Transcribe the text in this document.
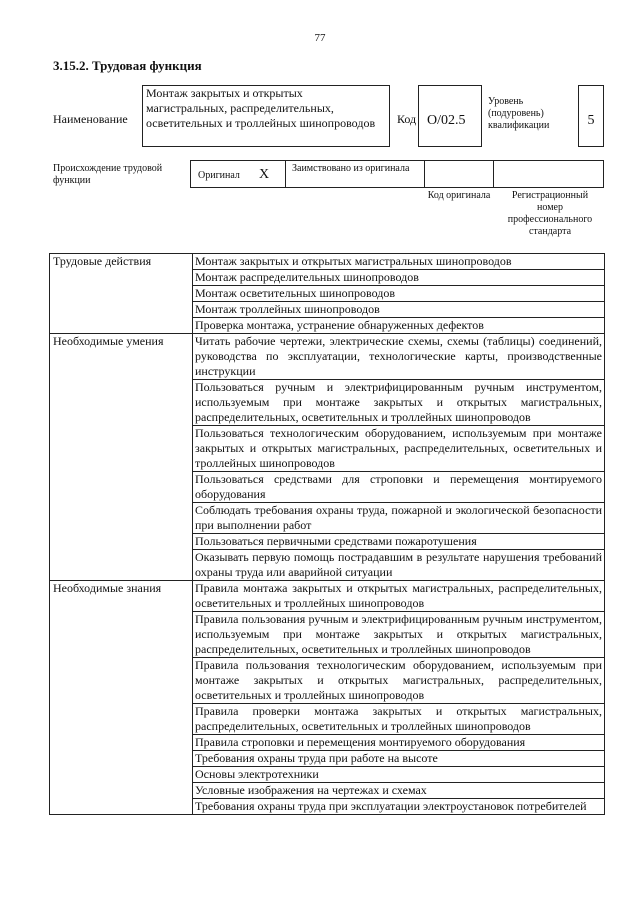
77
3.15.2. Трудовая функция
Наименование
Монтаж закрытых и открытых магистральных, распределительных, осветительных и троллейных шинопроводов	Код О/02.5
Уровень (подуровень) квалификации	5
Происхождение трудовой функции	Оригинал X	Заимствовано из оригинала
Код оригинала	Регистрационный номер профессионального стандарта
Трудовые действия	Монтаж закрытых и открытых магистральных шинопроводов
	Монтаж распределительных шинопроводов
	Монтаж осветительных шинопроводов
	Монтаж троллейных шинопроводов
	Проверка монтажа, устранение обнаруженных дефектов
Необходимые умения	Читать рабочие чертежи, электрические схемы, схемы (таблицы) соединений, руководства по эксплуатации, технологические карты, производственные инструкции
	Пользоваться ручным и электрифицированным ручным инструментом, используемым при монтаже закрытых и открытых магистральных, распределительных, осветительных и троллейных шинопроводов
	Пользоваться технологическим оборудованием, используемым при монтаже закрытых и открытых магистральных, распределительных, осветительных и троллейных шинопроводов
	Пользоваться средствами для строповки и перемещения монтируемого оборудования
	Соблюдать требования охраны труда, пожарной и экологической безопасности при выполнении работ
	Пользоваться первичными средствами пожаротушения
	Оказывать первую помощь пострадавшим в результате нарушения требований охраны труда или аварийной ситуации
Необходимые знания	Правила монтажа закрытых и открытых магистральных, распределительных, осветительных и троллейных шинопроводов
	Правила пользования ручным и электрифицированным ручным инструментом, используемым при монтаже закрытых и открытых магистральных, распределительных, осветительных и троллейных шинопроводов
	Правила пользования технологическим оборудованием, используемым при монтаже закрытых и открытых магистральных, распределительных, осветительных и троллейных шинопроводов
	Правила проверки монтажа закрытых и открытых магистральных, распределительных, осветительных и троллейных шинопроводов
	Правила строповки и перемещения монтируемого оборудования
	Требования охраны труда при работе на высоте
	Основы электротехники
	Условные изображения на чертежах и схемах
	Требования охраны труда при эксплуатации электроустановок потребителей
